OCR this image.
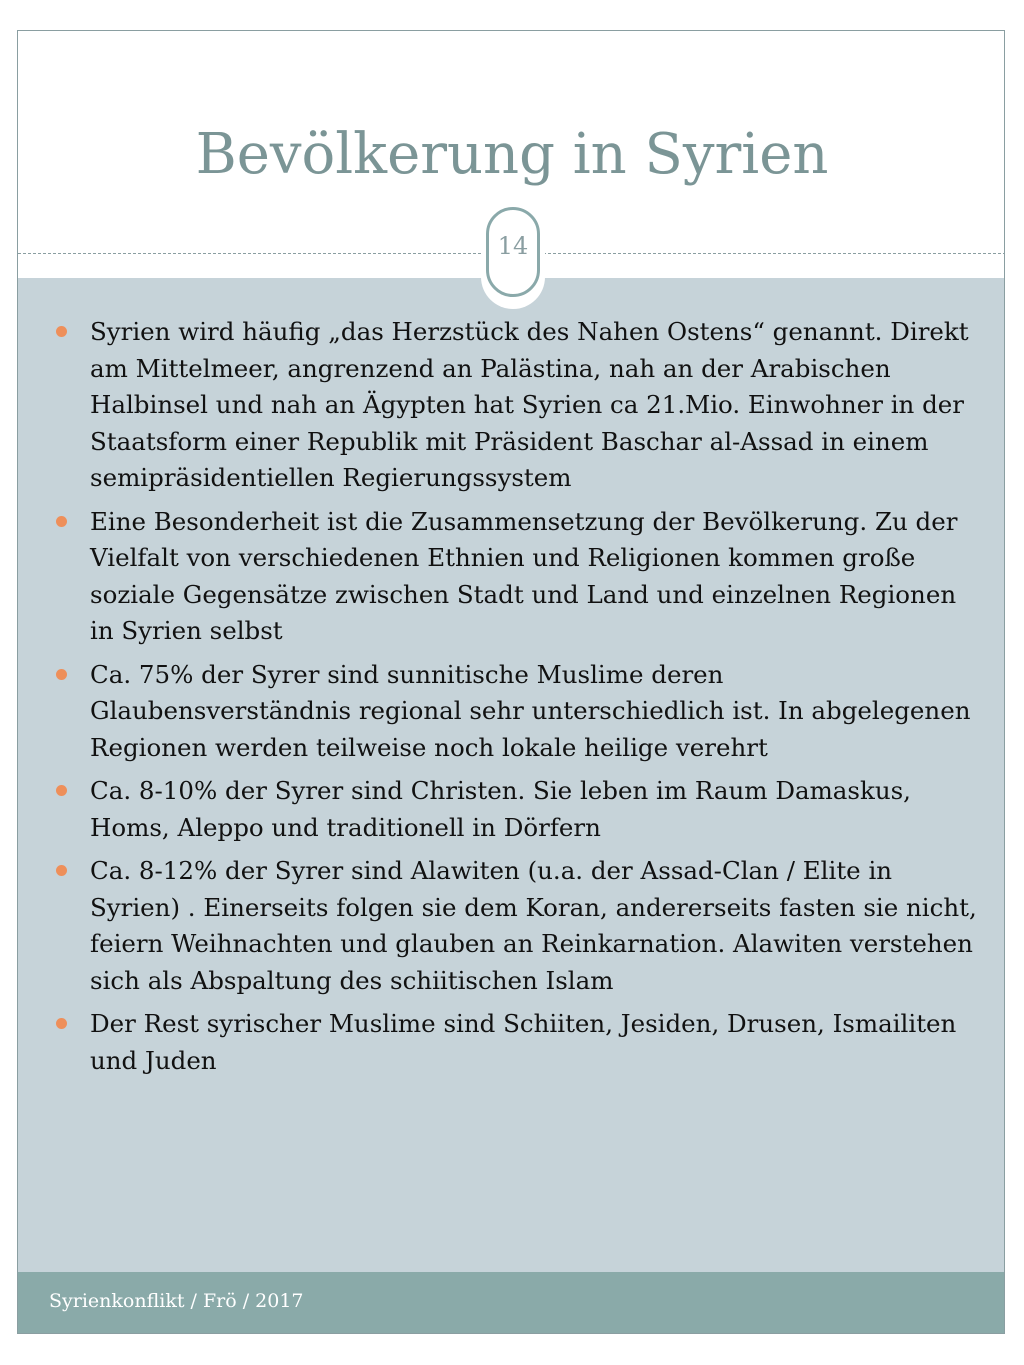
Bevölkerung in Syrien
14
Syrien wird häufig „das Herzstück des Nahen Ostens“ genannt. Direkt am Mittelmeer, angrenzend an Palästina, nah an der Arabischen Halbinsel und nah an Ägypten hat Syrien ca 21.Mio. Einwohner in der Staatsform einer Republik mit Präsident Baschar al-Assad in einem semipräsidentiellen Regierungssystem
Eine Besonderheit ist die Zusammensetzung der Bevölkerung. Zu der Vielfalt von verschiedenen Ethnien und Religionen kommen große soziale Gegensätze zwischen Stadt und Land und einzelnen Regionen in Syrien selbst
Ca. 75% der Syrer sind sunnitische Muslime deren Glaubensverständnis regional sehr unterschiedlich ist. In abgelegenen Regionen werden teilweise noch lokale heilige verehrt
Ca. 8-10% der Syrer sind Christen. Sie leben im Raum Damaskus, Homs, Aleppo und traditionell in Dörfern
Ca. 8-12% der Syrer sind Alawiten (u.a. der Assad-Clan / Elite in Syrien) . Einerseits folgen sie dem Koran, andererseits fasten sie nicht, feiern Weihnachten und glauben an Reinkarnation. Alawiten verstehen sich als Abspaltung des schiitischen Islam
Der Rest syrischer Muslime sind Schiiten, Jesiden, Drusen, Ismailiten und Juden
Syrienkonflikt / Frö / 2017
